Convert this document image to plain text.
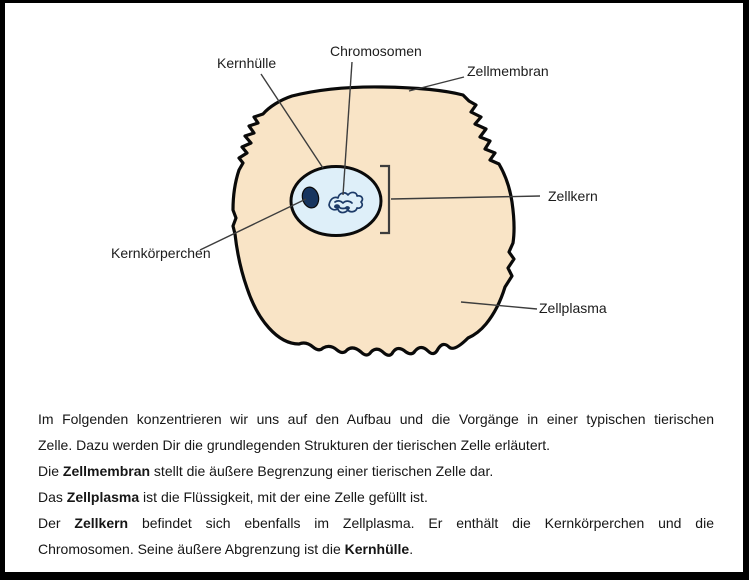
Kernhülle
Chromosomen
Zellmembran
Zellkern
Kernkörperchen
Zellplasma
Im Folgenden konzentrieren wir uns auf den Aufbau und die Vorgänge in einer typischen tierischen
Zelle. Dazu werden Dir die grundlegenden Strukturen der tierischen Zelle erläutert.
Die Zellmembran stellt die äußere Begrenzung einer tierischen Zelle dar.
Das Zellplasma ist die Flüssigkeit, mit der eine Zelle gefüllt ist.
Der Zellkern befindet sich ebenfalls im Zellplasma. Er enthält die Kernkörperchen und die
Chromosomen. Seine äußere Abgrenzung ist die Kernhülle.
